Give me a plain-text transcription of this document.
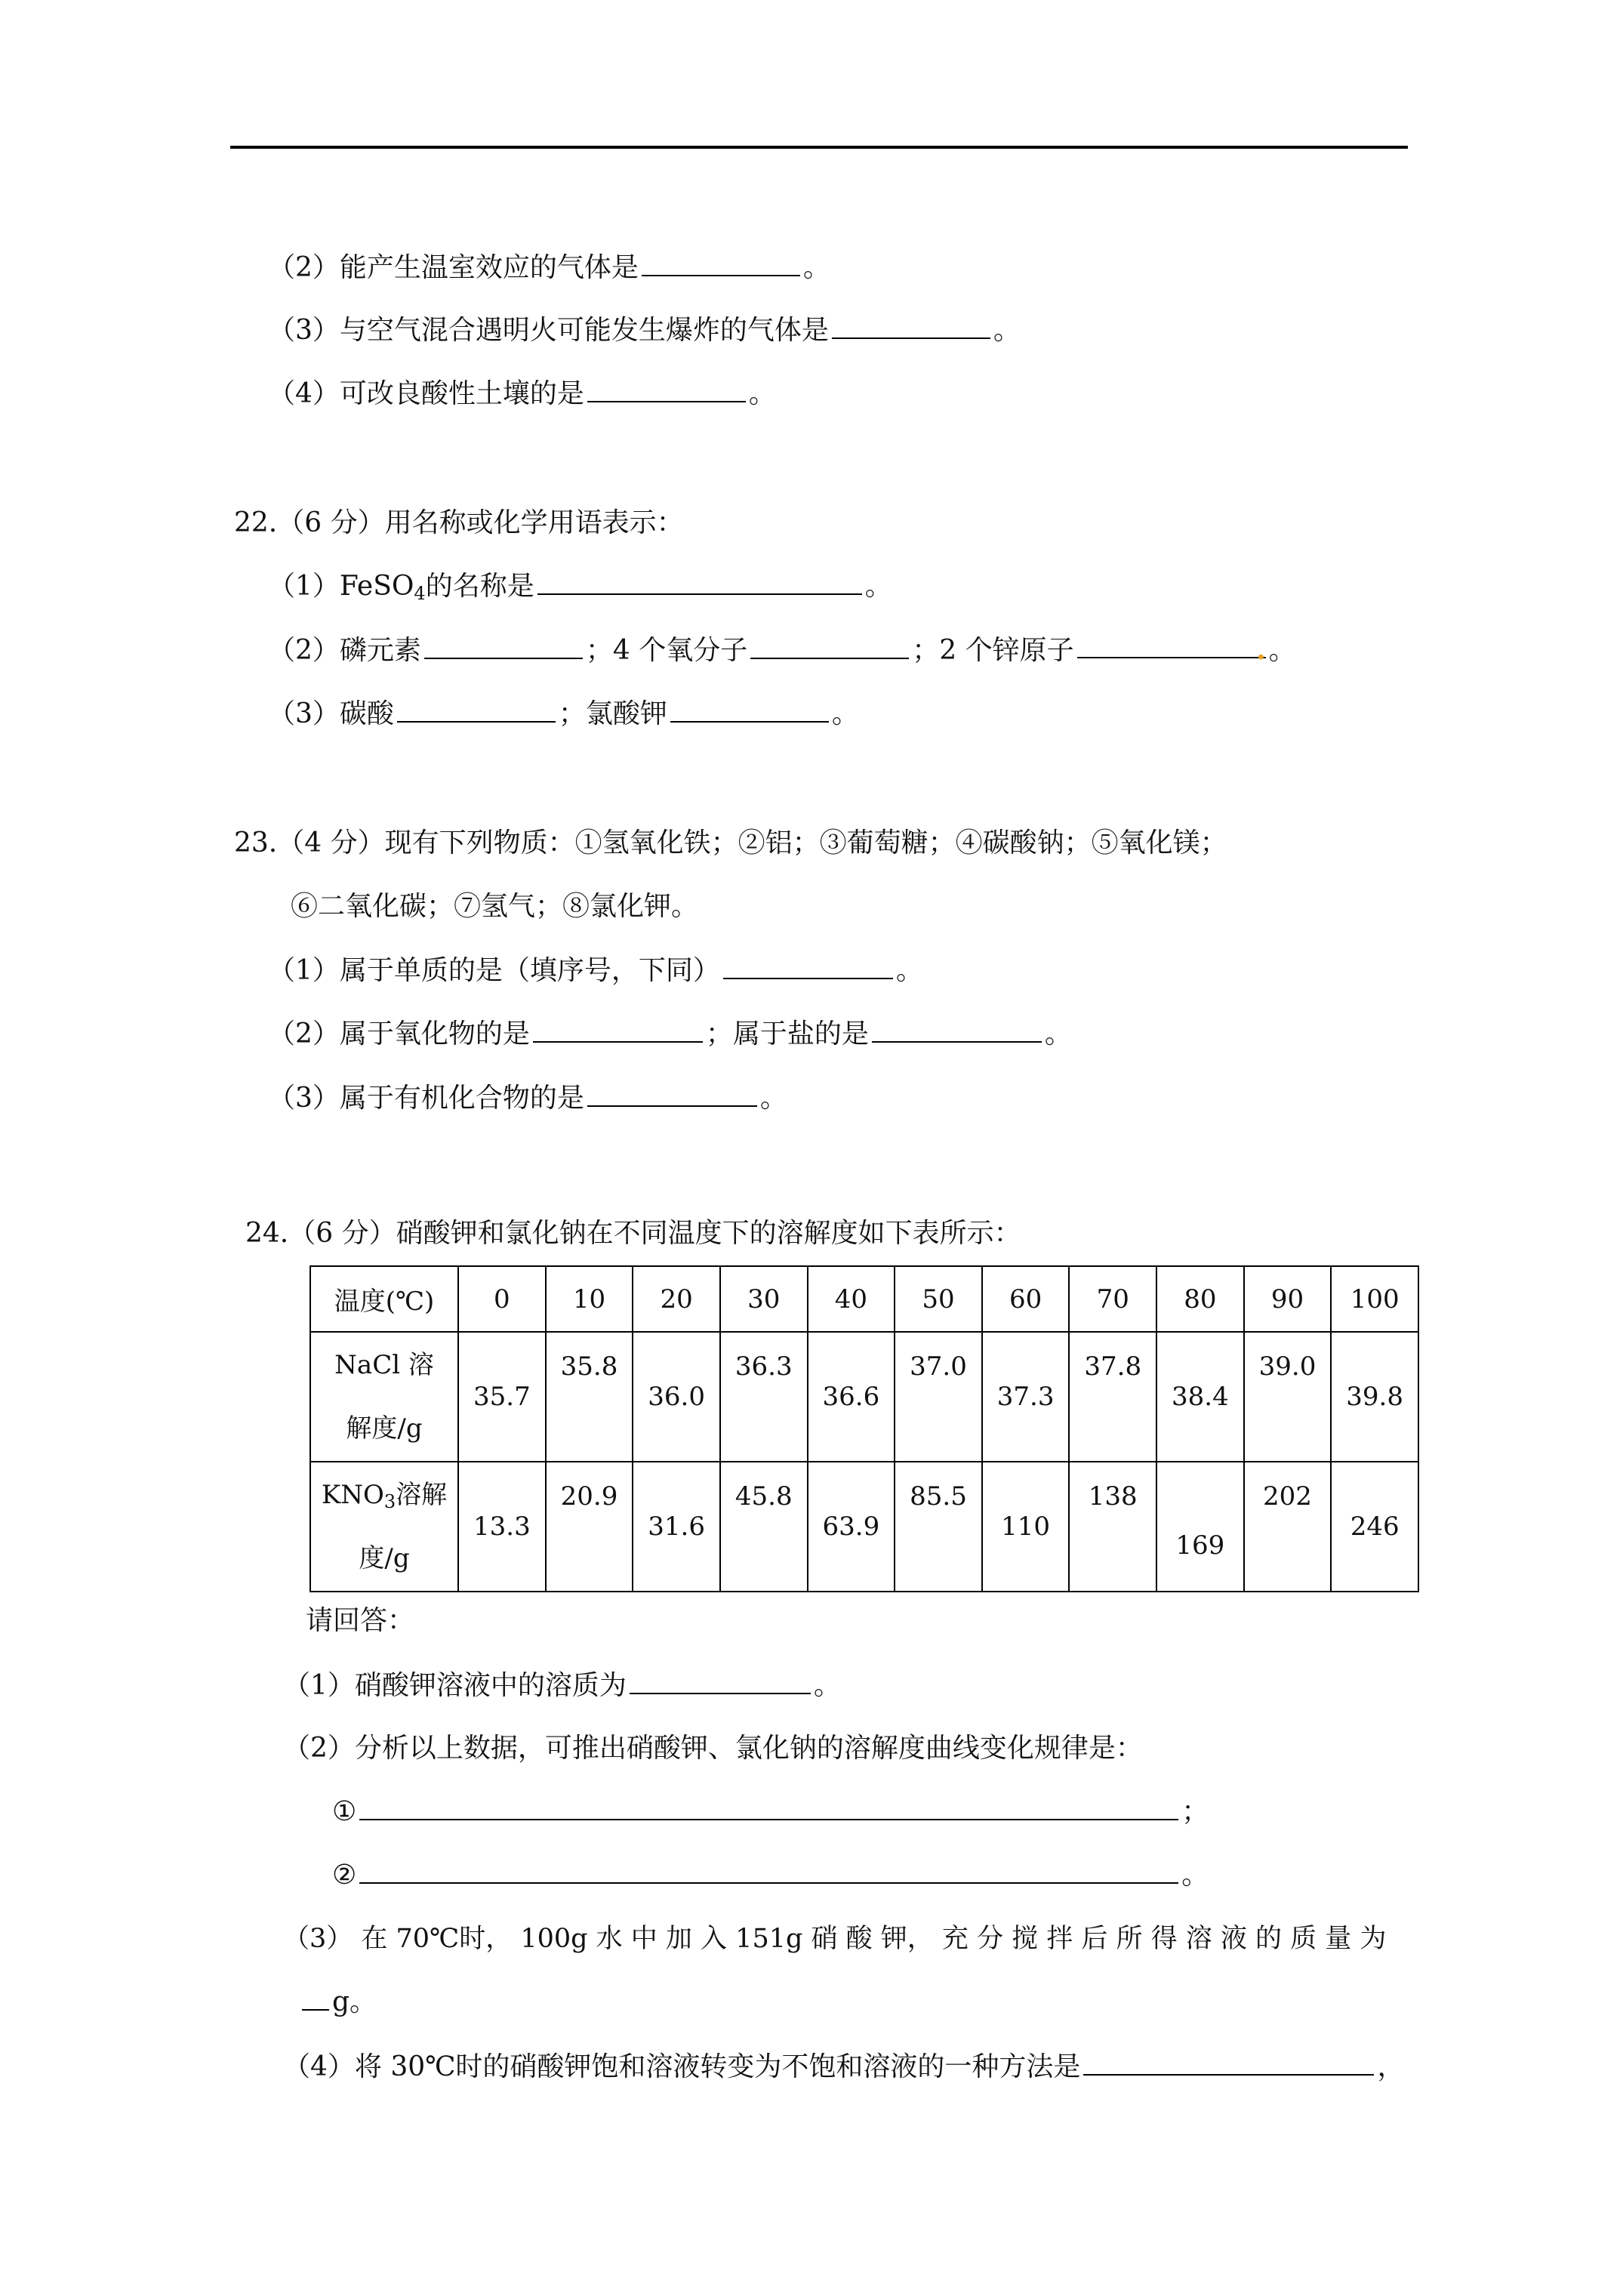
（2）能产生温室效应的气体是	。
（3）与空气混合遇明火可能发生爆炸的气体是	。
（4）可改良酸性土壤的是	。
22.（6 分）用名称或化学用语表示：
（1）FeSO$_4$的名称是	。
（2）磷元素	；4 个氧分子	；2 个锌原子	. 。
（3）碳酸	；氯酸钾	。
23.（4 分）现有下列物质：①氢氧化铁；②铝；③葡萄糖；④碳酸钠；⑤氧化镁；
⑥二氧化碳；⑦氢气；⑧氯化钾。
（1）属于单质的是（填序号，下同）	。
（2）属于氧化物的是	；属于盐的是	。
（3）属于有机化合物的是	。
24.（6 分）硝酸钾和氯化钠在不同温度下的溶解度如下表所示：
温度(℃)	0	10	20	30	40	50	60	70	80	90	100

NaCl 溶
解度/g	35.7	35.8	36.0	36.3	36.6	37.0	37.3	37.8	38.4	39.0	39.8

$KNO_3$溶解
度/g	13.3	20.9	31.6	45.8	63.9	85.5	110	138	169	202	246
请回答：
（1）硝酸钾溶液中的溶质为	。
（2）分析以上数据，可推出硝酸钾、氯化钠的溶解度曲线变化规律是：
①	；
②	。
（3） 在 70℃时， 100g 水 中 加 入 151g 硝 酸 钾， 充 分 搅 拌 后 所 得 溶 液 的 质 量 为
g。
（4）将 30℃时的硝酸钾饱和溶液转变为不饱和溶液的一种方法是	，
